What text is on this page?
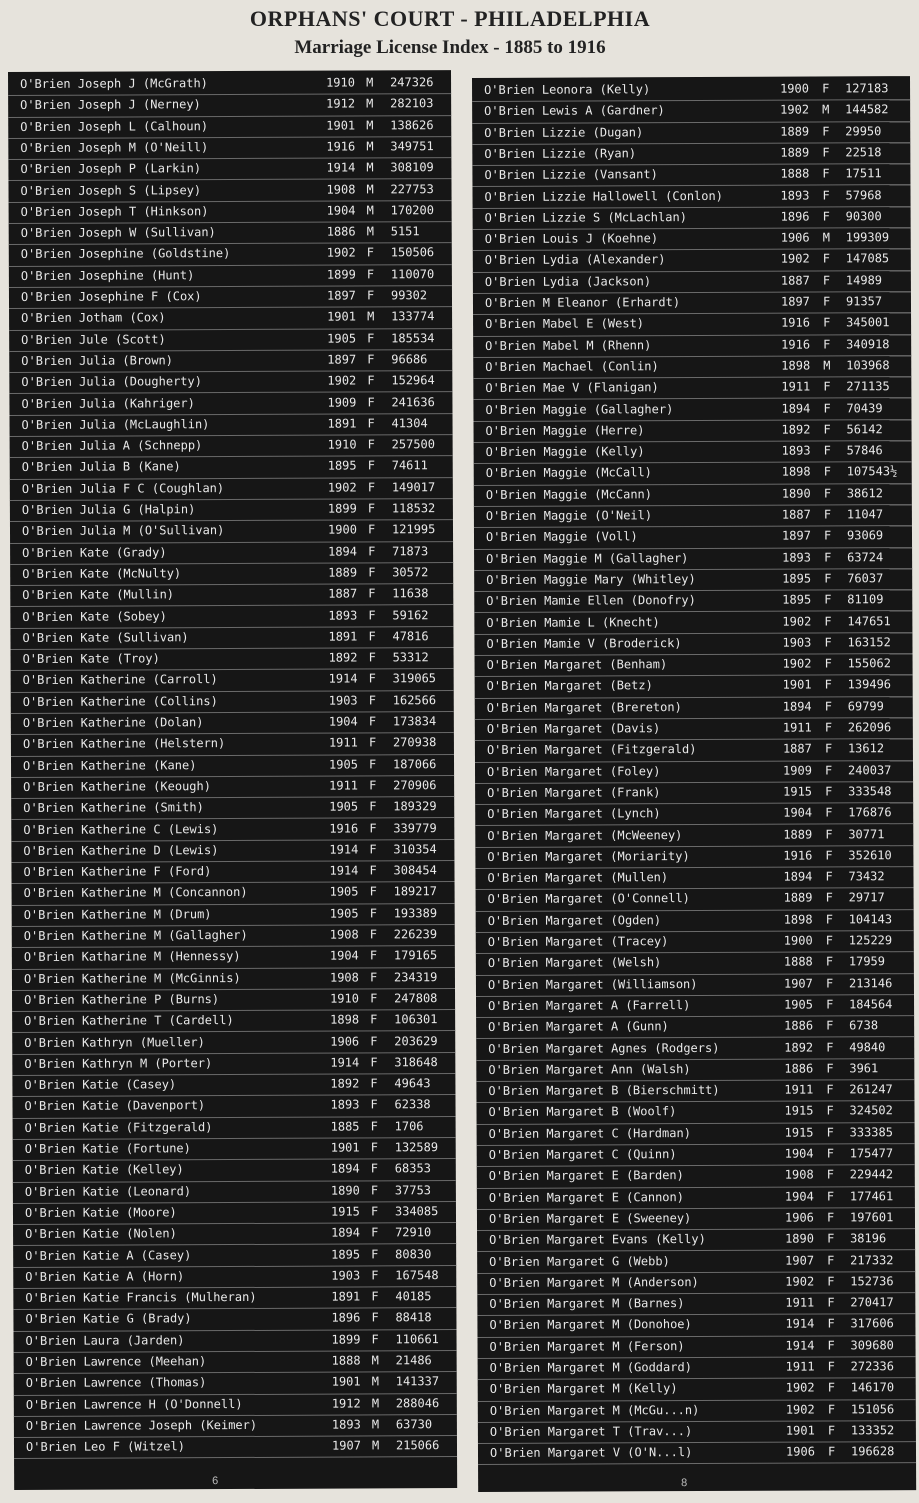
ORPHANS' COURT - PHILADELPHIA
Marriage License Index - 1885 to 1916
6
O'Brien Joseph J (McGrath)	1910 M 247326
O'Brien Joseph J (Nerney)	1912 M 282103
O'Brien Joseph L (Calhoun)	1901 M 138626
O'Brien Joseph M (O'Neill)	1916 M 349751
O'Brien Joseph P (Larkin)	1914 M 308109
O'Brien Joseph S (Lipsey)	1908 M 227753
O'Brien Joseph T (Hinkson)	1904 M 170200
O'Brien Joseph W (Sullivan)	1886 M 5151
O'Brien Josephine (Goldstine)	1902 F 150506
O'Brien Josephine (Hunt)	1899 F 110070
O'Brien Josephine F (Cox)	1897 F 99302
O'Brien Jotham (Cox)	1901 M 133774
O'Brien Jule (Scott)	1905 F 185534
O'Brien Julia (Brown)	1897 F 96686
O'Brien Julia (Dougherty)	1902 F 152964
O'Brien Julia (Kahriger)	1909 F 241636
O'Brien Julia (McLaughlin)	1891 F 41304
O'Brien Julia A (Schnepp)	1910 F 257500
O'Brien Julia B (Kane)	1895 F 74611
O'Brien Julia F C (Coughlan)	1902 F 149017
O'Brien Julia G (Halpin)	1899 F 118532
O'Brien Julia M (O'Sullivan)	1900 F 121995
O'Brien Kate (Grady)	1894 F 71873
O'Brien Kate (McNulty)	1889 F 30572
O'Brien Kate (Mullin)	1887 F 11638
O'Brien Kate (Sobey)	1893 F 59162
O'Brien Kate (Sullivan)	1891 F 47816
O'Brien Kate (Troy)	1892 F 53312
O'Brien Katherine (Carroll)	1914 F 319065
O'Brien Katherine (Collins)	1903 F 162566
O'Brien Katherine (Dolan)	1904 F 173834
O'Brien Katherine (Helstern)	1911 F 270938
O'Brien Katherine (Kane)	1905 F 187066
O'Brien Katherine (Keough)	1911 F 270906
O'Brien Katherine (Smith)	1905 F 189329
O'Brien Katherine C (Lewis)	1916 F 339779
O'Brien Katherine D (Lewis)	1914 F 310354
O'Brien Katherine F (Ford)	1914 F 308454
O'Brien Katherine M (Concannon)	1905 F 189217
O'Brien Katherine M (Drum)	1905 F 193389
O'Brien Katherine M (Gallagher)	1908 F 226239
O'Brien Katharine M (Hennessy)	1904 F 179165
O'Brien Katherine M (McGinnis)	1908 F 234319
O'Brien Katherine P (Burns)	1910 F 247808
O'Brien Katherine T (Cardell)	1898 F 106301
O'Brien Kathryn (Mueller)	1906 F 203629
O'Brien Kathryn M (Porter)	1914 F 318648
O'Brien Katie (Casey)	1892 F 49643
O'Brien Katie (Davenport)	1893 F 62338
O'Brien Katie (Fitzgerald)	1885 F 1706
O'Brien Katie (Fortune)	1901 F 132589
O'Brien Katie (Kelley)	1894 F 68353
O'Brien Katie (Leonard)	1890 F 37753
O'Brien Katie (Moore)	1915 F 334085
O'Brien Katie (Nolen)	1894 F 72910
O'Brien Katie A (Casey)	1895 F 80830
O'Brien Katie A (Horn)	1903 F 167548
O'Brien Katie Francis (Mulheran)	1891 F 40185
O'Brien Katie G (Brady)	1896 F 88418
O'Brien Laura (Jarden)	1899 F 110661
O'Brien Lawrence (Meehan)	1888 M 21486
O'Brien Lawrence (Thomas)	1901 M 141337
O'Brien Lawrence H (O'Donnell)	1912 M 288046
O'Brien Lawrence Joseph (Keimer)	1893 M 63730
O'Brien Leo F (Witzel)	1907 M 215066
8
O'Brien Leonora (Kelly)	1900 F 127183
O'Brien Lewis A (Gardner)	1902 M 144582
O'Brien Lizzie (Dugan)	1889 F 29950
O'Brien Lizzie (Ryan)	1889 F 22518
O'Brien Lizzie (Vansant)	1888 F 17511
O'Brien Lizzie Hallowell (Conlon)	1893 F 57968
O'Brien Lizzie S (McLachlan)	1896 F 90300
O'Brien Louis J (Koehne)	1906 M 199309
O'Brien Lydia (Alexander)	1902 F 147085
O'Brien Lydia (Jackson)	1887 F 14989
O'Brien M Eleanor (Erhardt)	1897 F 91357
O'Brien Mabel E (West)	1916 F 345001
O'Brien Mabel M (Rhenn)	1916 F 340918
O'Brien Machael (Conlin)	1898 M 103968
O'Brien Mae V (Flanigan)	1911 F 271135
O'Brien Maggie (Gallagher)	1894 F 70439
O'Brien Maggie (Herre)	1892 F 56142
O'Brien Maggie (Kelly)	1893 F 57846
O'Brien Maggie (McCall)	1898 F 107543½
O'Brien Maggie (McCann)	1890 F 38612
O'Brien Maggie (O'Neil)	1887 F 11047
O'Brien Maggie (Voll)	1897 F 93069
O'Brien Maggie M (Gallagher)	1893 F 63724
O'Brien Maggie Mary (Whitley)	1895 F 76037
O'Brien Mamie Ellen (Donofry)	1895 F 81109
O'Brien Mamie L (Knecht)	1902 F 147651
O'Brien Mamie V (Broderick)	1903 F 163152
O'Brien Margaret (Benham)	1902 F 155062
O'Brien Margaret (Betz)	1901 F 139496
O'Brien Margaret (Brereton)	1894 F 69799
O'Brien Margaret (Davis)	1911 F 262096
O'Brien Margaret (Fitzgerald)	1887 F 13612
O'Brien Margaret (Foley)	1909 F 240037
O'Brien Margaret (Frank)	1915 F 333548
O'Brien Margaret (Lynch)	1904 F 176876
O'Brien Margaret (McWeeney)	1889 F 30771
O'Brien Margaret (Moriarity)	1916 F 352610
O'Brien Margaret (Mullen)	1894 F 73432
O'Brien Margaret (O'Connell)	1889 F 29717
O'Brien Margaret (Ogden)	1898 F 104143
O'Brien Margaret (Tracey)	1900 F 125229
O'Brien Margaret (Welsh)	1888 F 17959
O'Brien Margaret (Williamson)	1907 F 213146
O'Brien Margaret A (Farrell)	1905 F 184564
O'Brien Margaret A (Gunn)	1886 F 6738
O'Brien Margaret Agnes (Rodgers)	1892 F 49840
O'Brien Margaret Ann (Walsh)	1886 F 3961
O'Brien Margaret B (Bierschmitt)	1911 F 261247
O'Brien Margaret B (Woolf)	1915 F 324502
O'Brien Margaret C (Hardman)	1915 F 333385
O'Brien Margaret C (Quinn)	1904 F 175477
O'Brien Margaret E (Barden)	1908 F 229442
O'Brien Margaret E (Cannon)	1904 F 177461
O'Brien Margaret E (Sweeney)	1906 F 197601
O'Brien Margaret Evans (Kelly)	1890 F 38196
O'Brien Margaret G (Webb)	1907 F 217332
O'Brien Margaret M (Anderson)	1902 F 152736
O'Brien Margaret M (Barnes)	1911 F 270417
O'Brien Margaret M (Donohoe)	1914 F 317606
O'Brien Margaret M (Ferson)	1914 F 309680
O'Brien Margaret M (Goddard)	1911 F 272336
O'Brien Margaret M (Kelly)	1902 F 146170
O'Brien Margaret M (McGu...n)	1902 F 151056
O'Brien Margaret T (Trav...)	1901 F 133352
O'Brien Margaret V (O'N...l)	1906 F 196628
